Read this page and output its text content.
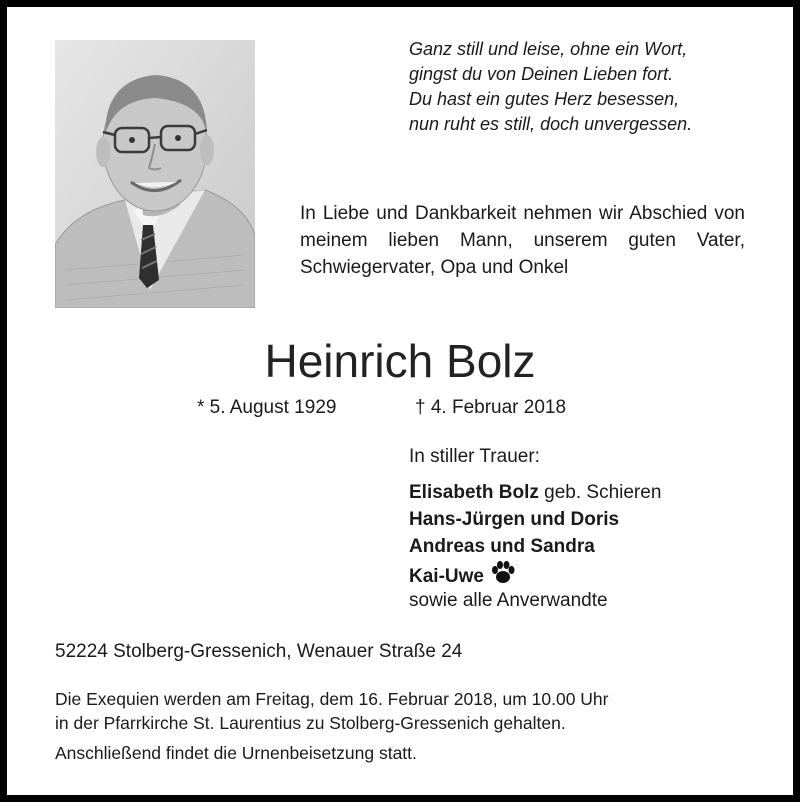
Ganz still und leise, ohne ein Wort,
gingst du von Deinen Lieben fort.
Du hast ein gutes Herz besessen,
nun ruht es still, doch unvergessen.
In Liebe und Dankbarkeit nehmen wir Abschied von meinem lieben Mann, unserem guten Vater, Schwiegervater, Opa und Onkel
Heinrich Bolz
* 5. August 1929	† 4. Februar 2018
In stiller Trauer:
Elisabeth Bolz geb. Schieren
Hans-Jürgen und Doris
Andreas und Sandra
Kai-Uwe
sowie alle Anverwandte
52224 Stolberg-Gressenich, Wenauer Straße 24
Die Exequien werden am Freitag, dem 16. Februar 2018, um 10.00 Uhr
in der Pfarrkirche St. Laurentius zu Stolberg-Gressenich gehalten.
Anschließend findet die Urnenbeisetzung statt.
